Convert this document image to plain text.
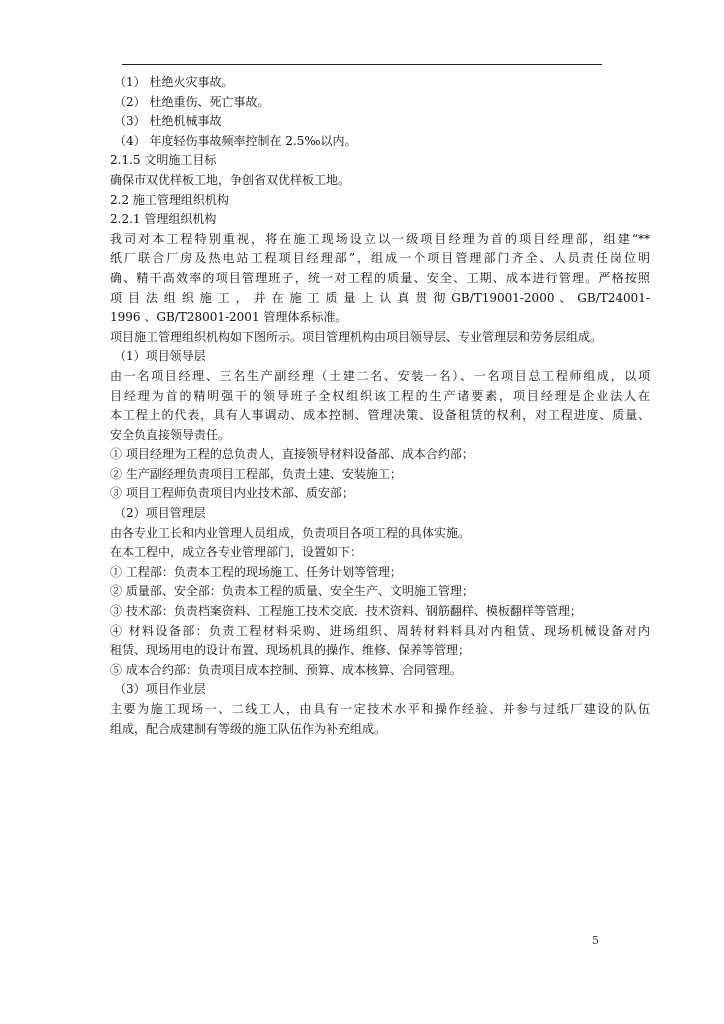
（1） 杜绝火灾事故。
（2） 杜绝重伤、死亡事故。
（3） 杜绝机械事故
（4） 年度轻伤事故频率控制在 2.5‰以内。
2.1.5 文明施工目标
确保市双优样板工地，争创省双优样板工地。
2.2 施工管理组织机构
2.2.1 管理组织机构
我司对本工程特别重视，将在施工现场设立以一级项目经理为首的项目经理部，组建“**
纸厂联合厂房及热电站工程项目经理部”，组成一个项目管理部门齐全、人员责任岗位明
确、精干高效率的项目管理班子，统一对工程的质量、安全、工期、成本进行管理。严格按照
项 目 法 组 织 施 工 ， 并 在 施 工 质 量 上 认 真 贯 彻 GB/T19001-2000 、 GB/T24001-
1996 、GB/T28001-2001 管理体系标准。
项目施工管理组织机构如下图所示。项目管理机构由项目领导层、专业管理层和劳务层组成。
（1）项目领导层
由一名项目经理、三名生产副经理（土建二名、安装一名）、一名项目总工程师组成，以项
目经理为首的精明强干的领导班子全权组织该工程的生产诸要素，项目经理是企业法人在
本工程上的代表，具有人事调动、成本控制、管理决策、设备租赁的权利，对工程进度、质量、
安全负直接领导责任。
① 项目经理为工程的总负责人，直接领导材料设备部、成本合约部；
② 生产副经理负责项目工程部，负责土建、安装施工；
③ 项目工程师负责项目内业技术部、质安部；
（2）项目管理层
由各专业工长和内业管理人员组成，负责项目各项工程的具体实施。
在本工程中，成立各专业管理部门，设置如下：
① 工程部：负责本工程的现场施工、任务计划等管理；
② 质量部、安全部：负责本工程的质量、安全生产、文明施工管理；
③ 技术部：负责档案资料、工程施工技术交底．技术资料、钢筋翻样、模板翻样等管理；
④ 材料设备部：负责工程材料采购、进场组织、周转材料料具对内租赁、现场机械设备对内
租赁、现场用电的设计布置、现场机具的操作、维修、保养等管理；
⑤ 成本合约部：负责项目成本控制、预算、成本核算、合同管理。
（3）项目作业层
主要为施工现场一、二线工人，由具有一定技术水平和操作经验、并参与过纸厂建设的队伍
组成，配合成建制有等级的施工队伍作为补充组成。
5
